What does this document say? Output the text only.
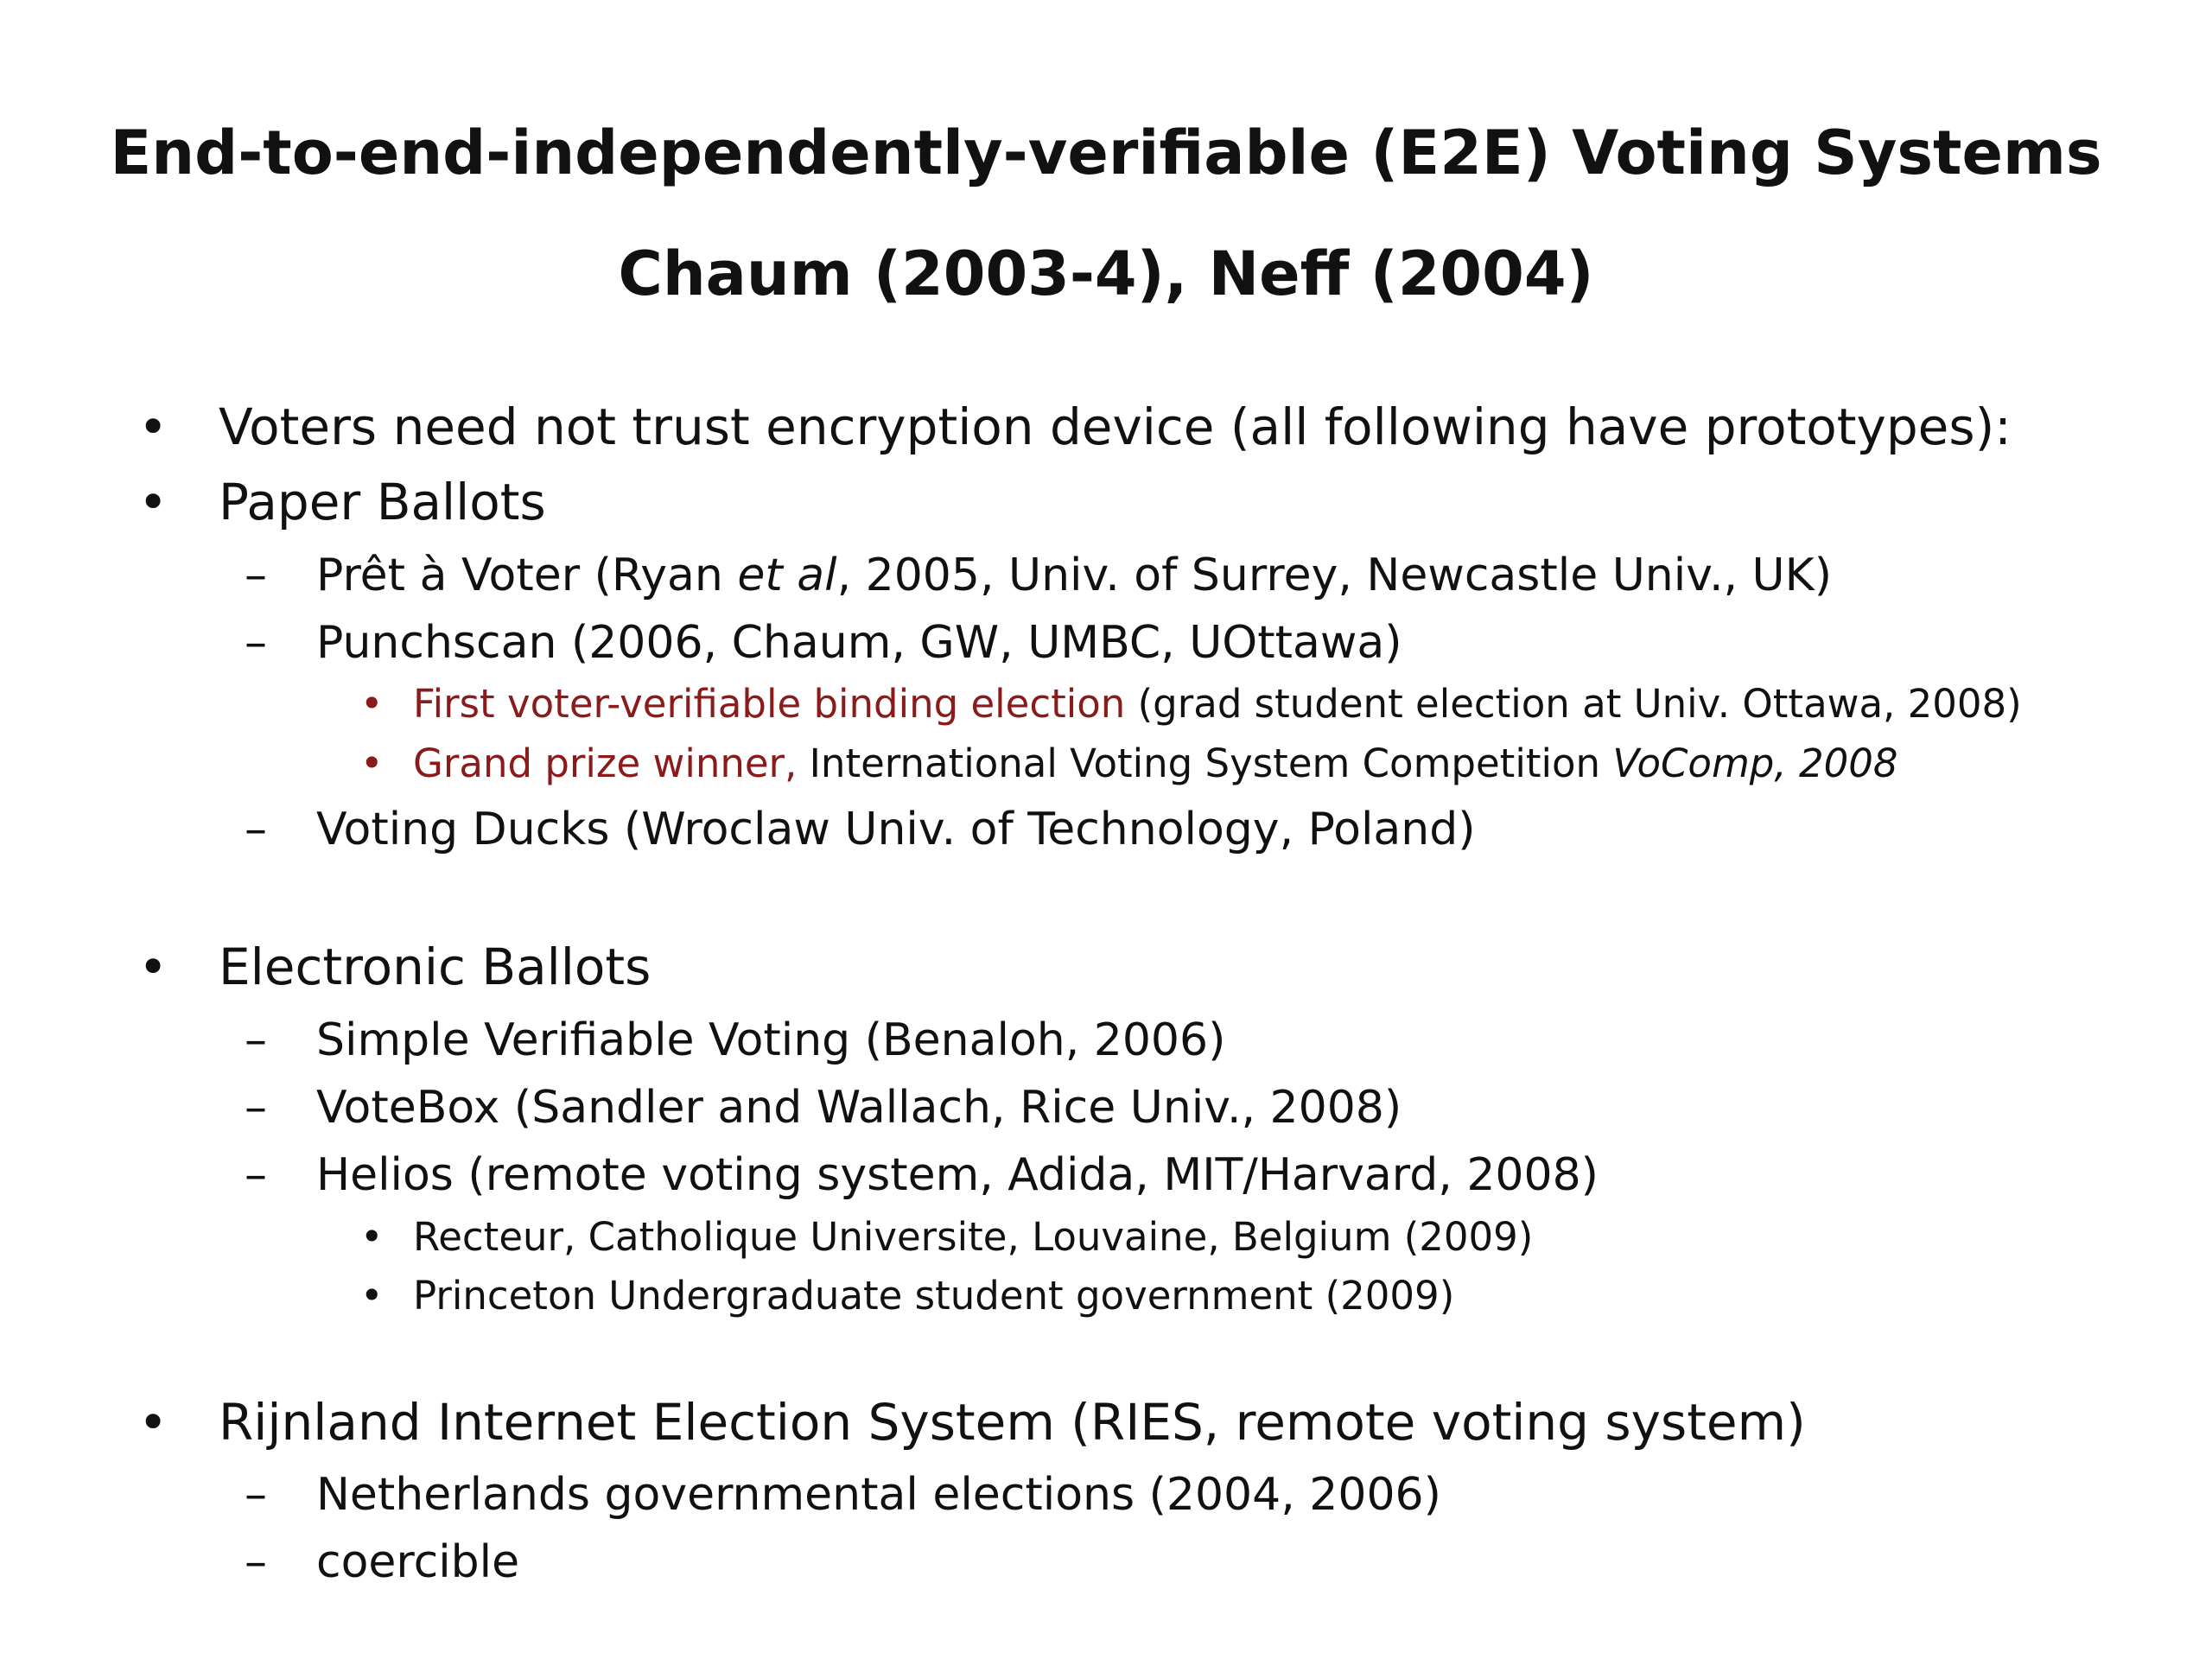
End-to-end-independently-verifiable (E2E) Voting Systems
Chaum (2003-4), Neff (2004)
• Voters need not trust encryption device (all following have prototypes):
• Paper Ballots
– Prêt à Voter (Ryan et al, 2005, Univ. of Surrey, Newcastle Univ., UK)
– Punchscan (2006, Chaum, GW, UMBC, UOttawa)
• First voter-verifiable binding election (grad student election at Univ. Ottawa, 2008)
• Grand prize winner, International Voting System Competition VoComp, 2008
– Voting Ducks (Wroclaw Univ. of Technology, Poland)
• Electronic Ballots
– Simple Verifiable Voting (Benaloh, 2006)
– VoteBox (Sandler and Wallach, Rice Univ., 2008)
– Helios (remote voting system, Adida, MIT/Harvard, 2008)
• Recteur, Catholique Universite, Louvaine, Belgium (2009)
• Princeton Undergraduate student government (2009)
• Rijnland Internet Election System (RIES, remote voting system)
– Netherlands governmental elections (2004, 2006)
– coercible
